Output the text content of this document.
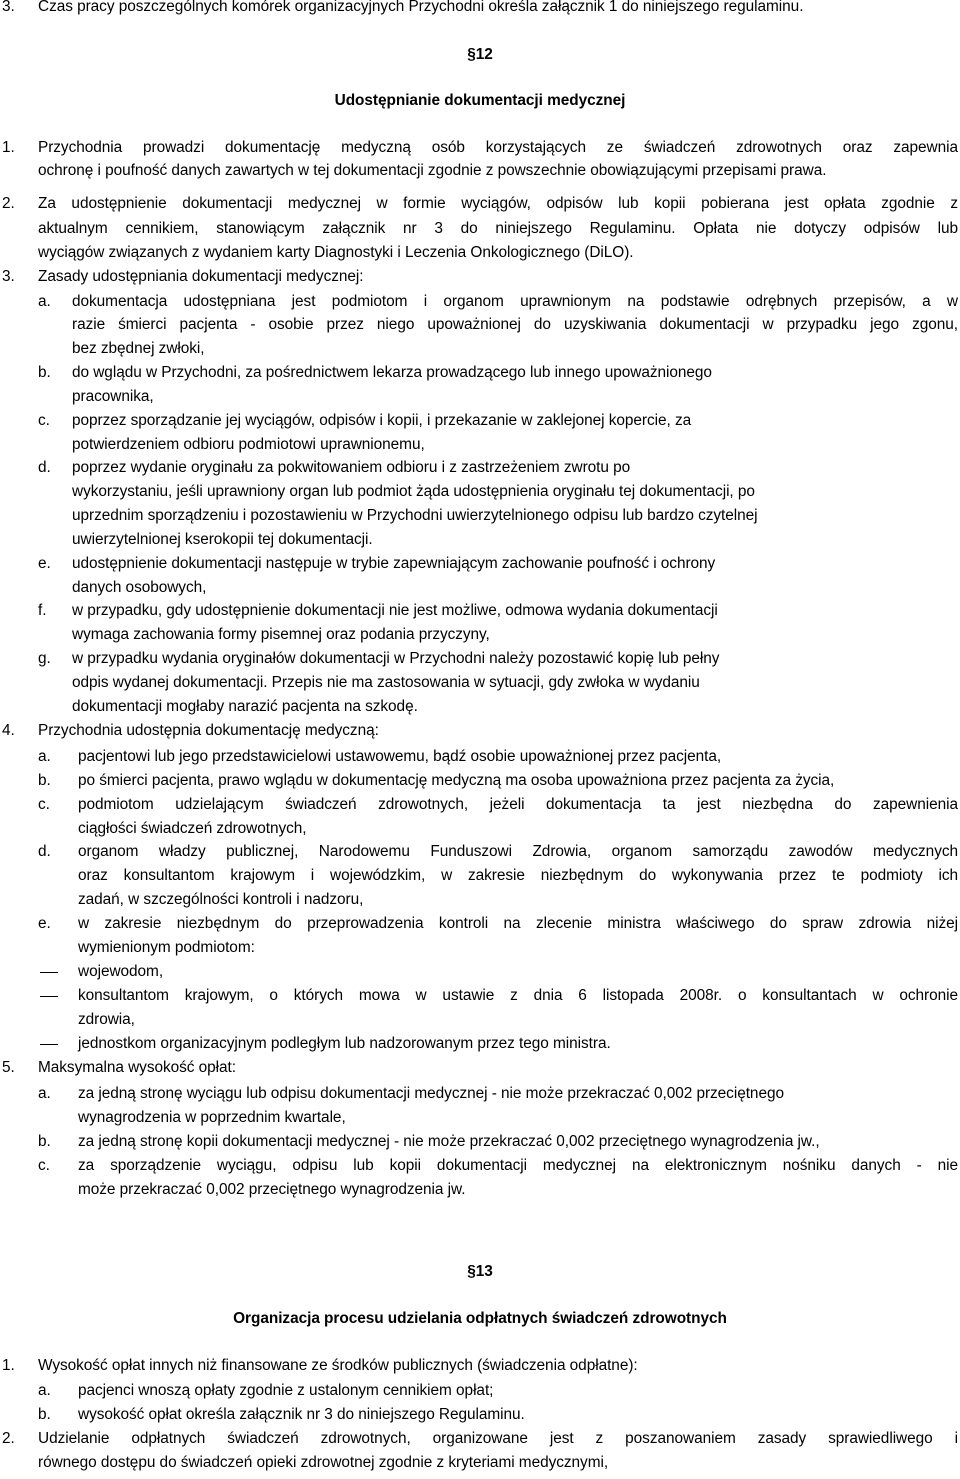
3. Czas pracy poszczególnych komórek organizacyjnych Przychodni określa załącznik 1 do niniejszego regulaminu.
§12
Udostępnianie dokumentacji medycznej
1. Przychodnia prowadzi dokumentację medyczną osób korzystających ze świadczeń zdrowotnych oraz zapewnia
ochronę i poufność danych zawartych w tej dokumentacji zgodnie z powszechnie obowiązującymi przepisami prawa.
2. Za udostępnienie dokumentacji medycznej w formie wyciągów, odpisów lub kopii pobierana jest opłata zgodnie z
aktualnym cennikiem, stanowiącym załącznik nr 3 do niniejszego Regulaminu. Opłata nie dotyczy odpisów lub
wyciągów związanych z wydaniem karty Diagnostyki i Leczenia Onkologicznego (DiLO).
3. Zasady udostępniania dokumentacji medycznej:
a. dokumentacja udostępniana jest podmiotom i organom uprawnionym na podstawie odrębnych przepisów, a w
razie śmierci pacjenta - osobie przez niego upoważnionej do uzyskiwania dokumentacji w przypadku jego zgonu,
bez zbędnej zwłoki,
b. do wglądu w Przychodni, za pośrednictwem lekarza prowadzącego lub innego upoważnionego
pracownika,
c. poprzez sporządzanie jej wyciągów, odpisów i kopii, i przekazanie w zaklejonej kopercie, za
potwierdzeniem odbioru podmiotowi uprawnionemu,
d. poprzez wydanie oryginału za pokwitowaniem odbioru i z zastrzeżeniem zwrotu po
wykorzystaniu, jeśli uprawniony organ lub podmiot żąda udostępnienia oryginału tej dokumentacji, po
uprzednim sporządzeniu i pozostawieniu w Przychodni uwierzytelnionego odpisu lub bardzo czytelnej
uwierzytelnionej kserokopii tej dokumentacji.
e. udostępnienie dokumentacji następuje w trybie zapewniającym zachowanie poufność i ochrony
danych osobowych,
f. w przypadku, gdy udostępnienie dokumentacji nie jest możliwe, odmowa wydania dokumentacji
wymaga zachowania formy pisemnej oraz podania przyczyny,
g. w przypadku wydania oryginałów dokumentacji w Przychodni należy pozostawić kopię lub pełny
odpis wydanej dokumentacji. Przepis nie ma zastosowania w sytuacji, gdy zwłoka w wydaniu
dokumentacji mogłaby narazić pacjenta na szkodę.
4. Przychodnia udostępnia dokumentację medyczną:
a. pacjentowi lub jego przedstawicielowi ustawowemu, bądź osobie upoważnionej przez pacjenta,
b. po śmierci pacjenta, prawo wglądu w dokumentację medyczną ma osoba upoważniona przez pacjenta za życia,
c. podmiotom udzielającym świadczeń zdrowotnych, jeżeli dokumentacja ta jest niezbędna do zapewnienia
ciągłości świadczeń zdrowotnych,
d. organom władzy publicznej, Narodowemu Funduszowi Zdrowia, organom samorządu zawodów medycznych
oraz konsultantom krajowym i wojewódzkim, w zakresie niezbędnym do wykonywania przez te podmioty ich
zadań, w szczególności kontroli i nadzoru,
e. w zakresie niezbędnym do przeprowadzenia kontroli na zlecenie ministra właściwego do spraw zdrowia niżej
wymienionym podmiotom:
wojewodom,
konsultantom krajowym, o których mowa w ustawie z dnia 6 listopada 2008r. o konsultantach w ochronie
zdrowia,
jednostkom organizacyjnym podległym lub nadzorowanym przez tego ministra.
5. Maksymalna wysokość opłat:
a. za jedną stronę wyciągu lub odpisu dokumentacji medycznej - nie może przekraczać 0,002 przeciętnego
wynagrodzenia w poprzednim kwartale,
b. za jedną stronę kopii dokumentacji medycznej - nie może przekraczać 0,002 przeciętnego wynagrodzenia jw.,
c. za sporządzenie wyciągu, odpisu lub kopii dokumentacji medycznej na elektronicznym nośniku danych - nie
może przekraczać 0,002 przeciętnego wynagrodzenia jw.
§13
Organizacja procesu udzielania odpłatnych świadczeń zdrowotnych
1. Wysokość opłat innych niż finansowane ze środków publicznych (świadczenia odpłatne):
a. pacjenci wnoszą opłaty zgodnie z ustalonym cennikiem opłat;
b. wysokość opłat określa załącznik nr 3 do niniejszego Regulaminu.
2. Udzielanie odpłatnych świadczeń zdrowotnych, organizowane jest z poszanowaniem zasady sprawiedliwego i
równego dostępu do świadczeń opieki zdrowotnej zgodnie z kryteriami medycznymi,
